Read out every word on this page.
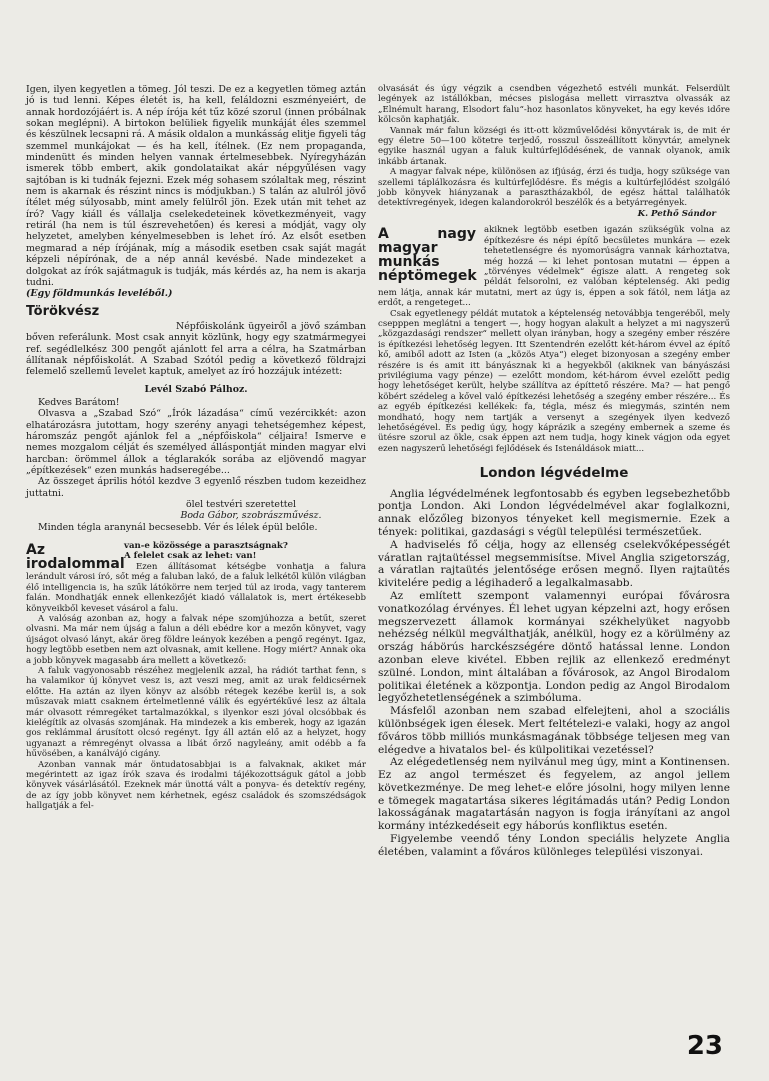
Igen, ilyen kegyetlen a tömeg. Jól teszi. De ez a kegyetlen tömeg aztán jó is tud lenni. Képes életét is, ha kell, feláldozni eszményeiért, de annak hordozójáért is. A nép írója két tűz közé szorul (innen próbálnak sokan meglépni). A birtokon belüliek figyelik munkáját éles szemmel és készülnek lecsapni rá. A másik oldalon a munkásság elitje figyeli tág szemmel munkájokat — és ha kell, ítélnek. (Ez nem propaganda, mindenütt és minden helyen vannak értelmesebbek. Nyíregyházán ismerek több embert, akik gondolataikat akár népgyűlésen vagy sajtóban is ki tudnák fejezni. Ezek még sohasem szólaltak meg, részint nem is akarnak és részint nincs is módjukban.) S talán az alulról jövő ítélet még súlyosabb, mint amely felülről jön. Ezek után mit tehet az író? Vagy kiáll és vállalja cselekedeteinek következményeit, vagy retirál (ha nem is túl észrevehetően) és keresi a módját, vagy oly helyzetet, amelyben kényelmesebben is lehet író. Az elsőt esetben megmarad a nép írójának, míg a második esetben csak saját magát képzeli népírónak, de a nép annál kevésbé. Nade mindezeket a dolgokat az írók sajátmaguk is tudják, más kérdés az, ha nem is akarja tudni.

(Egy földmunkás leveléből.)

Törökvész

Népfőiskolánk ügyeiről a jövő számban bőven referálunk. Most csak annyit közlünk, hogy egy szatmármegyei ref. segédlelkész 300 pengőt ajánlott fel arra a célra, ha Szatmárban állítanak népfőiskolát. A Szabad Szótól pedig a következő földrajzi felemelő szellemű levelet kaptuk, amelyet az író hozzájuk intézett:

Levél Szabó Pálhoz.

Kedves Barátom!

Olvasva a „Szabad Szó“ „Írók lázadása“ című vezércikkét: azon elhatározásra jutottam, hogy szerény anyagi tehetségemhez képest, háromszáz pengőt ajánlok fel a „népfőiskola“ céljaira! Ismerve e nemes mozgalom célját és személyed álláspontját minden magyar elvi harcban: örömmel állok a téglarakók sorába az eljövendő magyar „építkezések“ ezen munkás hadseregébe...

Az összeget április hótól kezdve 3 egyenlő részben tudom kezeidhez juttatni.

ölel testvéri szeretettel

Boda Gábor, szobrászművész.

Minden tégla aranynál becsesebb. Vér és lélek épül belőle.

Az irodalommal

van-e közössége a parasztságnak?

A felelet csak az lehet: van!

Ezen állításomat kétségbe vonhatja a falura lerándult városi író, sőt még a faluban lakó, de a faluk lelkétől külön világban élő intelligencia is, ha szűk látókörre nem terjed túl az iroda, vagy tanterem falán. Mondhatják ennek ellenkezőjét kiadó vállalatok is, mert értékesebb könyveikből keveset vásárol a falu.

A valóság azonban az, hogy a falvak népe szomjúhozza a betűt, szeret olvasni. Ma már nem újság a falun a déli ebédre kor a mezőn könyvet, vagy újságot olvasó lányt, akár öreg földre leányok kezében a pengő regényt. Igaz, hogy legtöbb esetben nem azt olvasnak, amit kellene. Hogy miért? Annak oka a jobb könyvek magasabb ára mellett a következő:

A faluk vagyonosabb részéhez megjelenik azzal, ha rádiót tarthat fenn, s ha valamikor új könyvet vesz is, azt veszi meg, amit az urak feldicsérnek előtte. Ha aztán az ilyen könyv az alsóbb rétegek kezébe kerül is, a sok műszavak miatt csaknem értelmetlenné válik és egyértékűvé lesz az általa már olvasott rémregéket tartalmazókkal, s ilyenkor eszi jóval olcsóbbak és kielégítik az olvasás szomjának. Ha mindezek a kis emberek, hogy az igazán gos reklámmal árusított olcsó regényt. Így áll aztán elő az a helyzet, hogy ugyanazt a rémregényt olvassa a libát őrző nagyleány, amit odébb a fa hűvösében, a kanálvájó cigány.

Azonban vannak már öntudatosabbjai is a falvaknak, akiket már megérintett az igaz írók szava és irodalmi tájékozottságuk gátol a jobb könyvek vásárlásától. Ezeknek már ünottá vált a ponyva- és detektív regény, de az így jobb könyvet nem kérhetnek, egész családok és szomszédságok hallgatják a fel-

olvasását és úgy végzik a csendben végezhető estvéli munkát. Felserdült legények az istállókban, mécses pislogása mellett virrasztva olvassák az „Elnémult harang, Elsodort falu“-hoz hasonlatos könyveket, ha egy kevés időre kölcsön kaphatják.

Vannak már falun községi és itt-ott közművelődési könyvtárak is, de mit ér egy életre 50—100 kötetre terjedő, rosszul összeállított könyvtár, amelynek egyike használ ugyan a faluk kultúrfejlődésének, de vannak olyanok, amik inkább ártanak.

A magyar falvak népe, különösen az ifjúság, érzi és tudja, hogy szüksége van szellemi táplálkozásra és kultúrfejlődésre. És mégis a kultúrfejlődést szolgáló jobb könyvek hiányzanak a parasztházakból, de egész háttal találhatók detektívregények, idegen kalandorokról beszélők és a betyárregények.

K. Pethő Sándor

A nagy magyar munkás néptömegek

akiknek legtöbb esetben igazán szükségük volna az építkezésre és népi építő becsületes munkára — ezek tehetetlenségre és nyomorúságra vannak kárhoztatva, még hozzá — ki lehet pontosan mutatni — éppen a „törvényes védelmek“ égisze alatt. A rengeteg sok példát felsorolni, ez valóban képtelenség. Aki pedig nem látja, annak kár mutatni, mert az úgy is, éppen a sok fától, nem látja az erdőt, a rengeteget...

Csak egyetlenegy példát mutatok a képtelenség netovábbja tengeréből, mely csepppen meglátni a tengert —, hogy hogyan alakult a helyzet a mi nagyszerű „közgazdasági rendszer“ mellett olyan irányban, hogy a szegény ember részére is építkezési lehetőség legyen. Itt Szentendrén ezelőtt két-három évvel az építő kő, amiből adott az Isten (a „közös Atya“) eleget bizonyosan a szegény ember részére is és amit itt bányásznak ki a hegyekből (akiknek van bányászási privilégiuma vagy pénze) — ezelőtt mondom, két-három évvel ezelőtt pedig hogy lehetőséget került, helybe szállítva az építtető részére. Ma? — hat pengő köbért szédeleg a kővel való építkezési lehetőség a szegény ember részére... És az egyéb építkezési kellékek: fa, tégla, mész és miegymás, szintén nem mondható, hogy nem tartják a versenyt a szegények ilyen kedvező lehetőségével. És pedig úgy, hogy káprázik a szegény embernek a szeme és ütésre szorul az ökle, csak éppen azt nem tudja, hogy kinek vágjon oda egyet ezen nagyszerű lehetőségi fejlődések és Istenáldások miatt...

London légvédelme

Anglia légvédelmének legfontosabb és egyben legsebezhetőbb pontja London. Aki London légvédelmével akar foglalkozni, annak előzőleg bizonyos tényeket kell megismernie. Ezek a tények: politikai, gazdasági s végül települési természetűek.

A hadviselés fő célja, hogy az ellenség cselekvőképességét váratlan rajtaütéssel megsemmisítse. Mivel Anglia szigetország, a váratlan rajtaütés jelentősége erősen megnő. Ilyen rajtaütés kivitelére pedig a légihaderő a legalkalmasabb.

Az említett szempont valamennyi európai fővárosra vonatkozólag érvényes. Él lehet ugyan képzelni azt, hogy erősen megszervezett államok kormányai székhelyüket nagyobb nehézség nélkül megválthatják, anélkül, hogy ez a körülmény az ország hábörús harckészségére döntő hatással lenne. London azonban eleve kivétel. Ebben rejlik az ellenkező eredményt szülné. London, mint általában a fővárosok, az Angol Birodalom politikai életének a központja. London pedig az Angol Birodalom legyőzhetetlenségének a szimbóluma.

Másfelől azonban nem szabad elfelejteni, ahol a szociális különbségek igen élesek. Mert feltételezi-e valaki, hogy az angol főváros több milliós munkásmagának többsége teljesen meg van elégedve a hivatalos bel- és külpolitikai vezetéssel?

Az elégedetlenség nem nyilvánul meg úgy, mint a Kontinensen. Ez az angol természet és fegyelem, az angol jellem következménye. De meg lehet-e előre jósolni, hogy milyen lenne e tömegek magatartása sikeres légitámadás után? Pedig London lakosságának magatartásán nagyon is fogja irányítani az angol kormány intézkedéseit egy háborús konfliktus esetén.

Figyelembe veendő tény London speciális helyzete Anglia életében, valamint a főváros különleges települési viszonyai.

23
